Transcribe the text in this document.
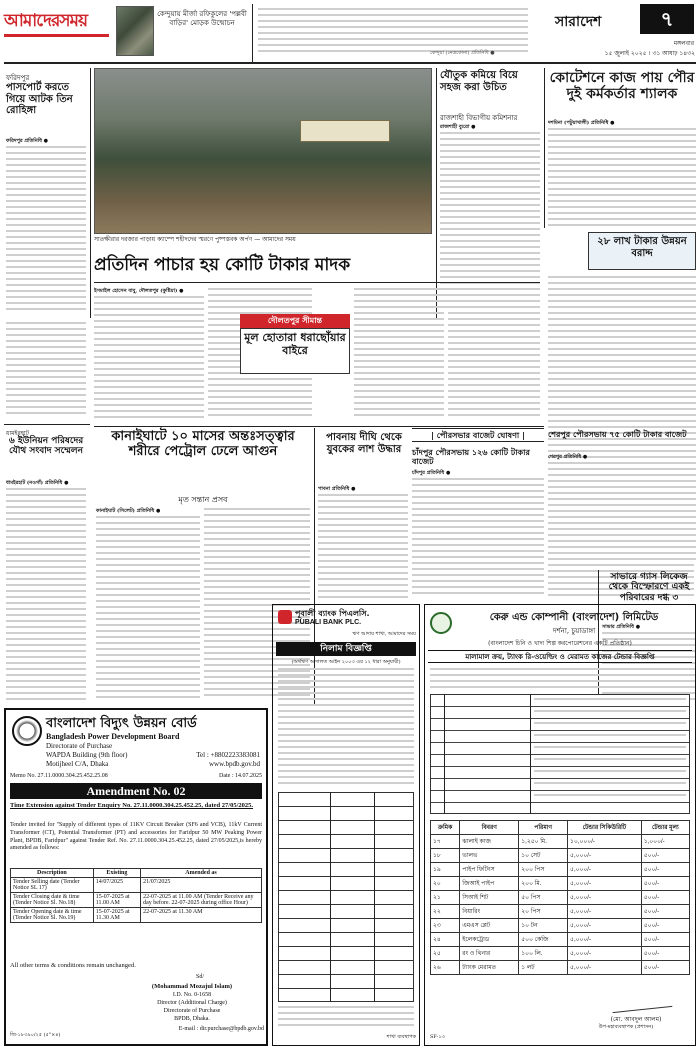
আমাদেরসময়	কেন্দুয়ায় মীর্জা রফিকুলের 'পল্লবী বাড়ির' মোড়ক উন্মোচন
কেন্দুয়া (নেত্রকোনা) প্রতিনিধি ●
সারাদেশ	৭
মঙ্গলবার
১৫ জুলাই ২০২৫ । ৩১ আষাঢ় ১৪৩২
ফরিদপুর
পাসপোর্ট করতে গিয়ে আটক তিন রোহিঙ্গা
ফরিদপুর প্রতিনিধি ●
সাতক্ষীরার দরজার পাড়ায় ক্যাম্পে শহীদদের স্মরণে পুষ্পস্তবক অর্পণ — আমাদের সময়
যৌতুক কমিয়ে বিয়ে সহজ করা উচিত
রাজশাহী বিভাগীয় কমিশনার
রাজশাহী ব্যুরো ●
কোটেশনে কাজ পায় পৌর দুই কর্মকর্তার শ্যালক
দশমিনা (পটুয়াখালী) প্রতিনিধি ●
২৮ লাখ টাকার উন্নয়ন বরাদ্দ
প্রতিদিন পাচার হয় কোটি টাকার মাদক
ইসমাইল হোসেন বাবু, দৌলতপুর (কুষ্টিয়া) ●
দৌলতপুর সীমান্ত
মূল হোতারা ধরাছোঁয়ার বাইরে
ধামইরহাট
৬ ইউনিয়ন পরিষদের যৌথ সংবাদ সম্মেলন
ধামইরহাট (নওগাঁ) প্রতিনিধি ●
কানাইঘাটে ১০ মাসের অন্তঃসত্ত্বার শরীরে পেট্রোল ঢেলে আগুন
মৃত সন্তান প্রসব
কানাইঘাট (সিলেট) প্রতিনিধি ●
পাবনায় দীঘি থেকে যুবকের লাশ উদ্ধার
পাবনা প্রতিনিধি ●
| পৌরসভার বাজেট ঘোষণা |
চাঁদপুর পৌরসভায় ১২৬ কোটি টাকার বাজেট
চাঁদপুর প্রতিনিধি ●
শেরপুর পৌরসভায় ৭৫ কোটি টাকার বাজেট
শেরপুর প্রতিনিধি ●
সাভারে গ্যাস লিকেজ থেকে বিস্ফোরণে একই পরিবারের দগ্ধ ৩
সাভার প্রতিনিধি ●
বাংলাদেশ বিদ্যুৎ উন্নয়ন বোর্ড
Bangladesh Power Development Board
Directorate of Purchase
WAPDA Building (9th floor)
Motijheel C/A, Dhaka
Tel : +8802223383081
www.bpdb.gov.bd
Memo No. 27.11.0000.304.25.452.25.08	Date : 14.07.2025
Amendment No. 02
Time Extension against Tender Enquiry No. 27.11.0000.304.25.452.25, dated 27/05/2025.
Tender invited for "Supply of different types of 11KV Circuit Breaker (SF6 and VCB), 11kV Current Transformer (CT), Potential Transformer (PT) and accessories for Faridpur 50 MW Peaking Power Plant, BPDB, Faridpur" against Tender Ref. No. 27.11.0000.304.25.452.25, dated 27/05/2025,is hereby amended as follows:
Description	Existing	Amended as
Tender Selling date (Tender Notice SL 17)	14/07/2025	21/07/2025
Tender Closing date & time (Tender Notice Sl. No.18)	15-07-2025 at 11.00 AM	22-07-2025 at 11.00 AM (Tender Receive any day before. 22-07-2025 during office Hour)
Tender Opening date & time (Tender Notice Sl. No.19)	15-07-2025 at 11.30 AM	22-07-2025 at 11.30 AM
All other terms & conditions remain unchanged.
Sd/
(Mohammad Mozajul Islam)
I.D. No. 0-1658
Director (Additional Charge)
Directorate of Purchase
BPDB, Dhaka.
E-mail : dir.purchase@bpdb.gov.bd
জি-১৮৩৯০/২৫ (৫"×৪)
পূবালী ব্যাংক পিএলসি.
PUBALI BANK PLC.
ঋণ আদায় শাখা, আমাদের সময়
নিলাম বিজ্ঞপ্তি
(অর্থঋণ আদালত আইন ২০০৩ এর ১২ ধারা অনুযায়ী)
শাখা ব্যবস্থাপক
কেরু এন্ড কোম্পানী (বাংলাদেশ) লিমিটেড
দর্শনা, চুয়াডাঙ্গা
(বাংলাদেশ চিনি ও খাদ্য শিল্প করপোরেশনের একটি প্রতিষ্ঠান)
মালামাল ক্রয়, ট্যাংক রি-ওয়েল্ডিং ও মেরামত কাজের টেন্ডার বিজ্ঞপ্তি
ক্রমিক	বিবরণ	পরিমাণ	টেন্ডার সিকিউরিটি	টেন্ডার মূল্য
১৭	ঝালাই কাজ	১,২৫০ মি.	১০,০০০/-	১,০০০/-
১৮	ভালভ	১০ সেট	৫,০০০/-	৫০০/-
১৯	পাইপ ফিটিংস	২০০ পিস	৫,০০০/-	৫০০/-
২০	জিআই পাইপ	২০০ মি.	৫,০০০/-	৫০০/-
২১	সিআই শিট	৫০ পিস	৫,০০০/-	৫০০/-
২২	বিয়ারিং	২০ পিস	৫,০০০/-	৫০০/-
২৩	এমএস প্লেট	১০ টন	৫,০০০/-	৫০০/-
২৪	ইলেকট্রোড	৫০০ কেজি	৫,০০০/-	৫০০/-
২৫	রং ও থিনার	১০০ লি.	৫,০০০/-	৫০০/-
২৬	ট্যাংক মেরামত	১ লট	৫,০০০/-	৫০০/-
(মো. আবদুল আলম)
উপ-মহাব্যবস্থাপক (প্রশাসন)
SF-১৩
